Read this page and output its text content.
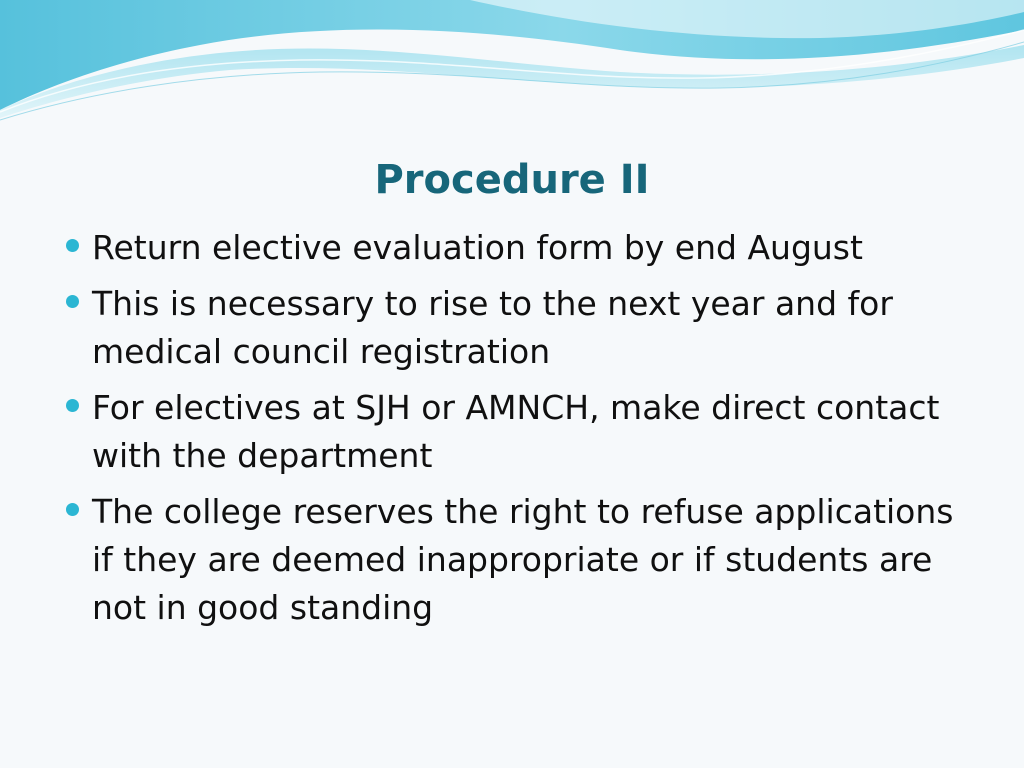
Procedure II
Return elective evaluation form by end August
This is necessary to rise to the next year and for medical council registration
For electives at SJH or AMNCH, make direct contact with the department
The college reserves the right to refuse applications if they are deemed inappropriate or if students are not in good standing
